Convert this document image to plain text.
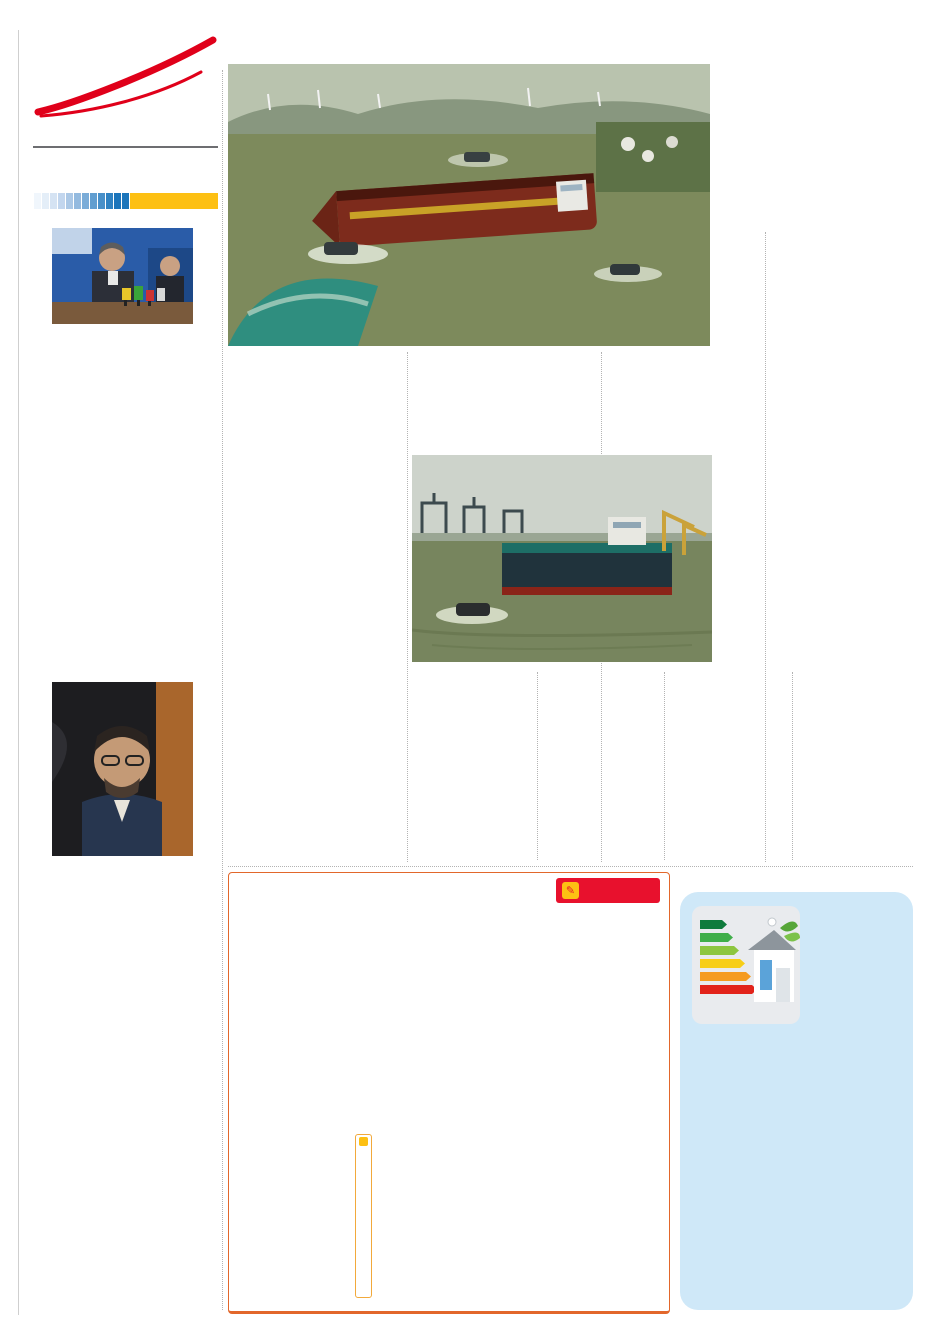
✎
